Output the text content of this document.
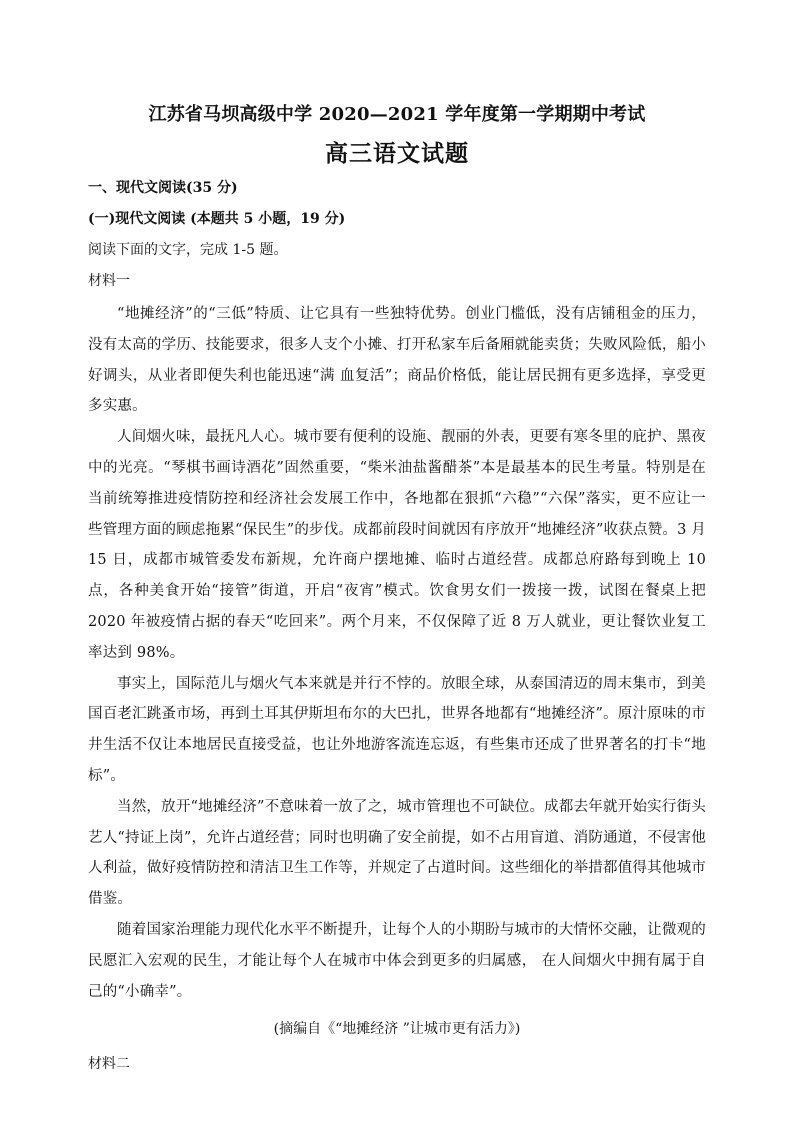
江苏省马坝高级中学 2020—2021 学年度第一学期期中考试
高三语文试题
一、现代文阅读(35 分)
(一)现代文阅读 (本题共 5 小题，19 分)
阅读下面的文字，完成 1-5 题。
材料一

“地摊经济”的“三低”特质、让它具有一些独特优势。创业门槛低，没有店铺租金的压力，没有太高的学历、技能要求，很多人支个小摊、打开私家车后备厢就能卖货；失败风险低，船小好调头，从业者即便失利也能迅速“满 血复活”；商品价格低，能让居民拥有更多选择，享受更多实惠。

人间烟火味，最抚凡人心。城市要有便利的设施、靓丽的外表，更要有寒冬里的庇护、黑夜中的光亮。“琴棋书画诗酒花”固然重要，“柴米油盐酱醋茶”本是最基本的民生考量。特别是在当前统筹推进疫情防控和经济社会发展工作中，各地都在狠抓“六稳”“六保”落实，更不应让一些管理方面的顾虑拖累“保民生”的步伐。成都前段时间就因有序放开“地摊经济”收获点赞。3 月 15 日，成都市城管委发布新规，允许商户摆地摊、临时占道经营。成都总府路每到晚上 10 点，各种美食开始“接管”街道，开启“夜宵”模式。饮食男女们一拨接一拨，试图在餐桌上把 2020 年被疫情占据的春天“吃回来”。两个月来，不仅保障了近 8 万人就业，更让餐饮业复工率达到 98%。

事实上，国际范儿与烟火气本来就是并行不悖的。放眼全球，从泰国清迈的周末集市，到美国百老汇跳蚤市场，再到土耳其伊斯坦布尔的大巴扎，世界各地都有“地摊经济”。原汁原味的市井生活不仅让本地居民直接受益，也让外地游客流连忘返，有些集市还成了世界著名的打卡“地标”。

当然，放开“地摊经济”不意味着一放了之，城市管理也不可缺位。成都去年就开始实行街头艺人“持证上岗”，允许占道经营；同时也明确了安全前提，如不占用盲道、消防通道，不侵害他人利益，做好疫情防控和清洁卫生工作等，并规定了占道时间。这些细化的举措都值得其他城市借鉴。

随着国家治理能力现代化水平不断提升，让每个人的小期盼与城市的大情怀交融，让微观的民愿汇入宏观的民生，才能让每个人在城市中体会到更多的归属感， 在人间烟火中拥有属于自己的“小确幸”。

(摘编自《“地摊经济 ”让城市更有活力》)
材料二
